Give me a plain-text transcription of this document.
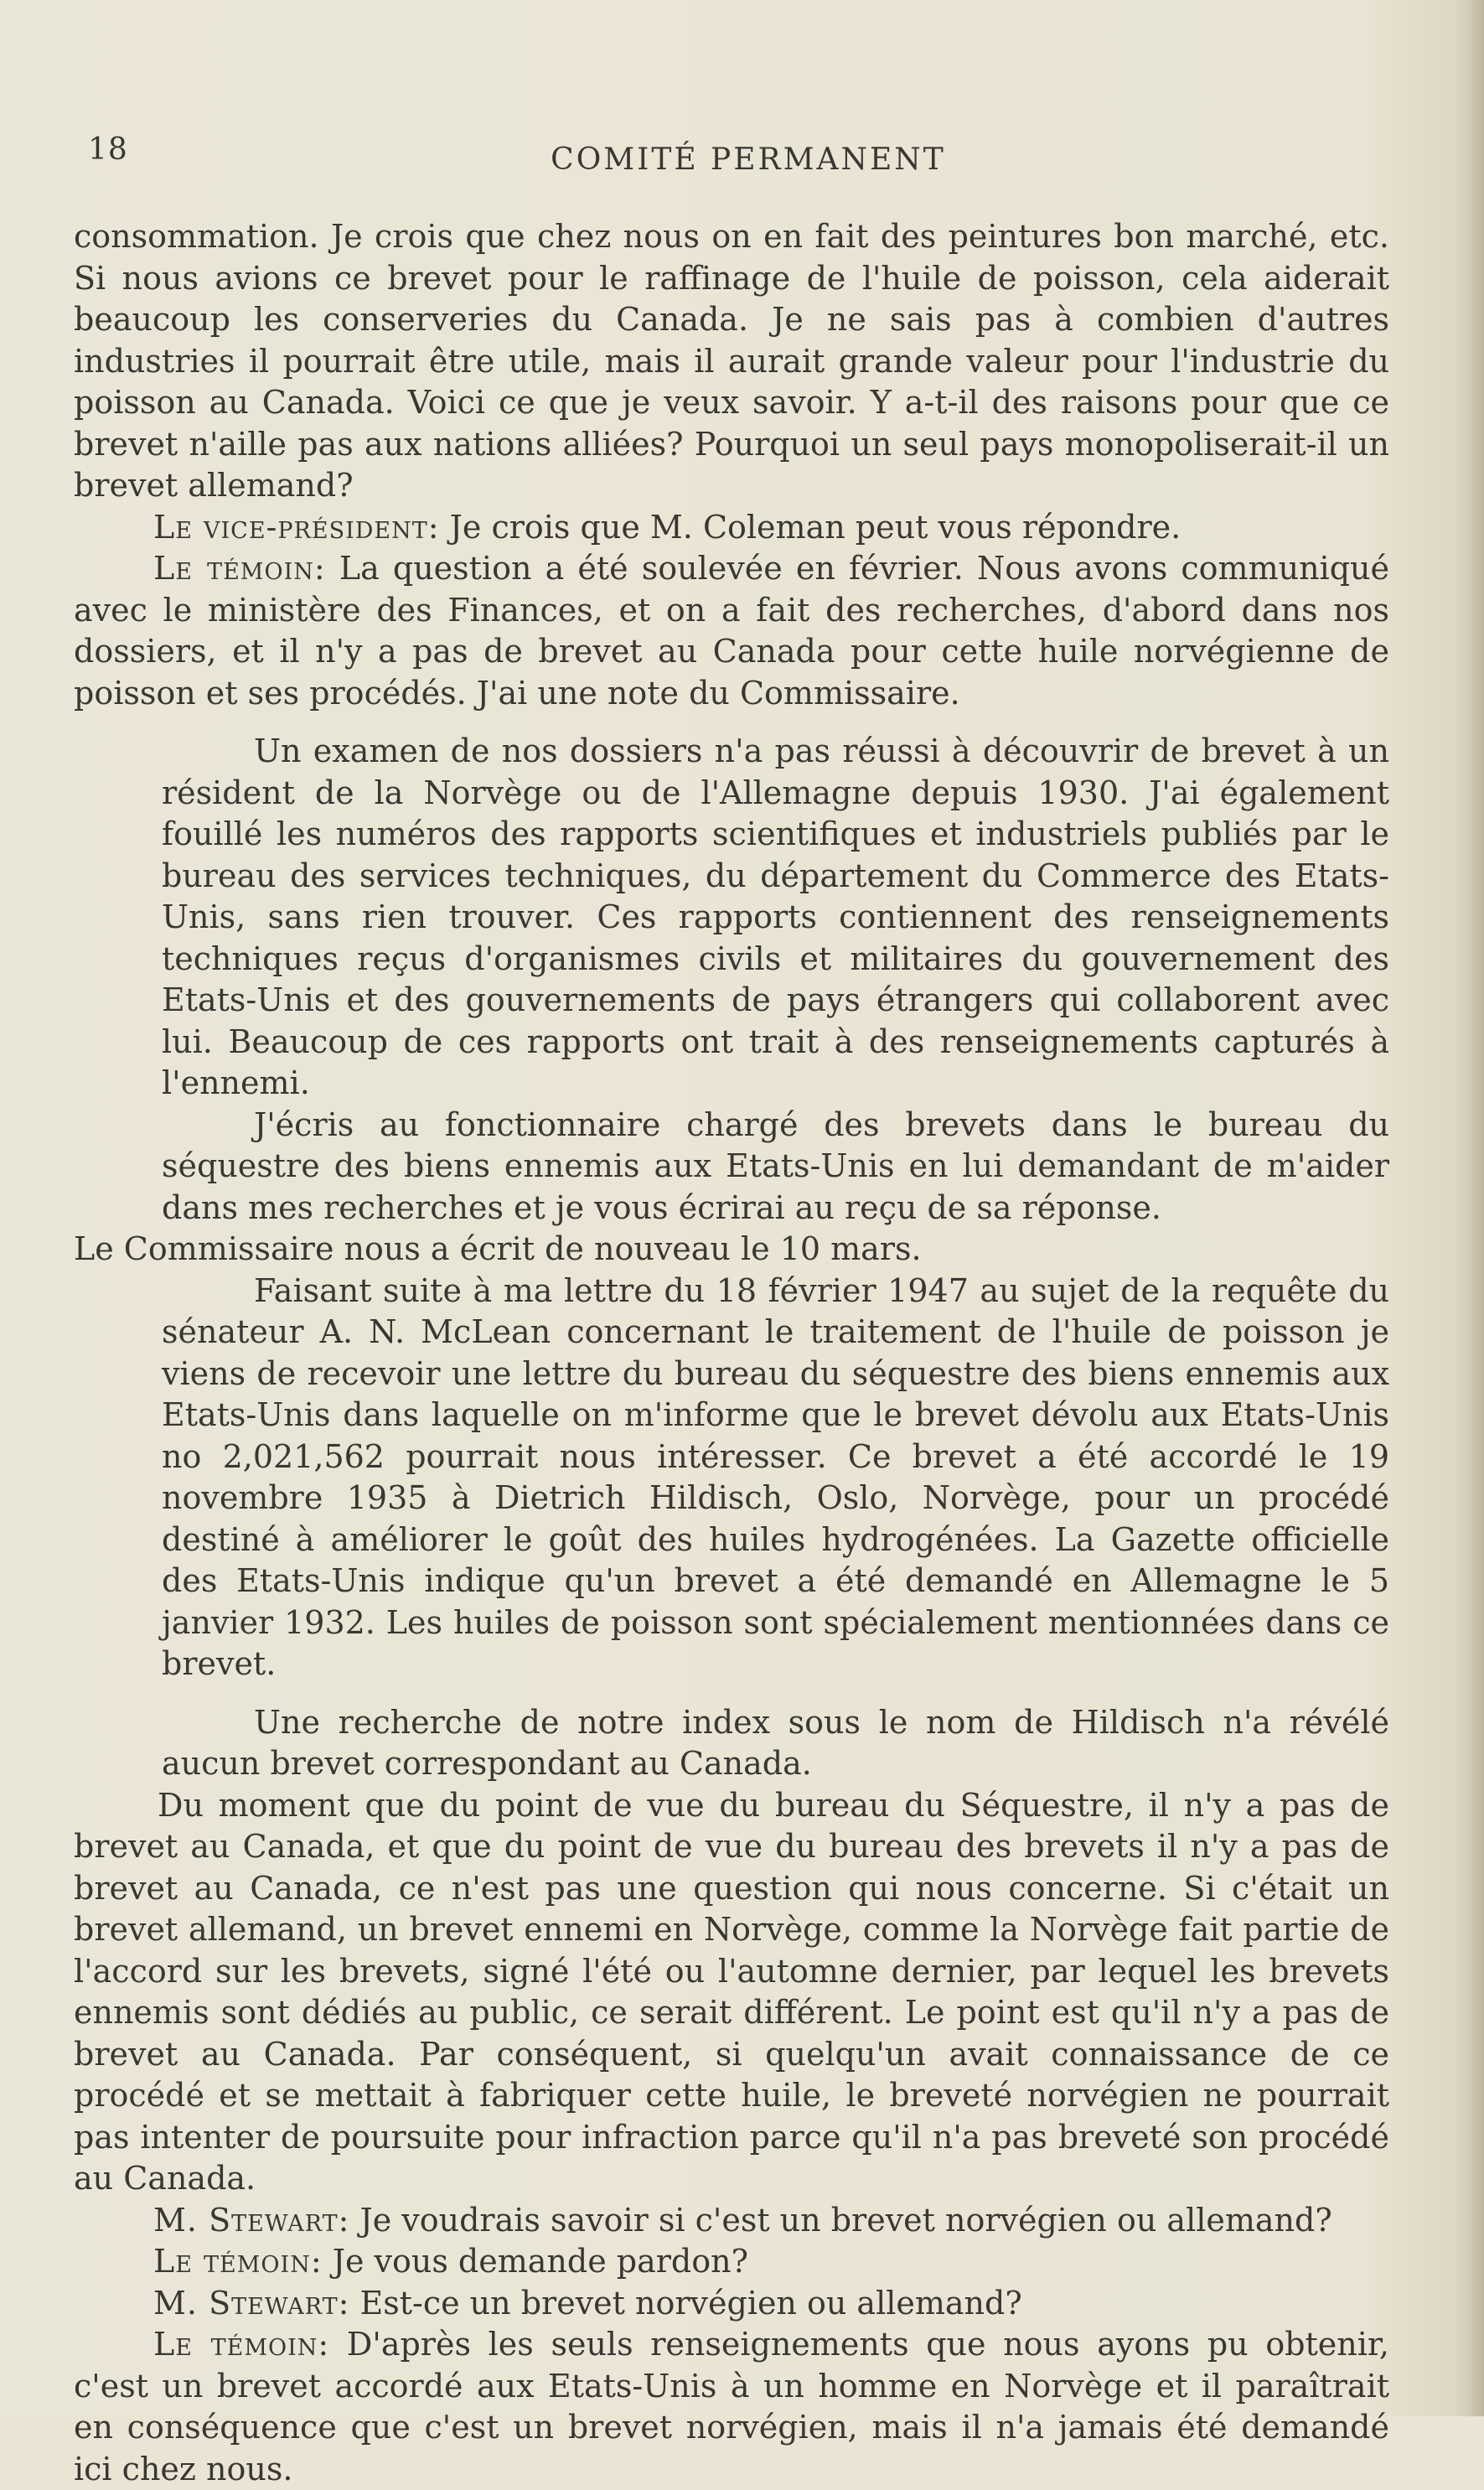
18	COMITÉ PERMANENT

consommation. Je crois que chez nous on en fait des peintures bon marché, etc. Si nous avions ce brevet pour le raffinage de l'huile de poisson, cela aiderait beaucoup les conserveries du Canada. Je ne sais pas à combien d'autres industries il pourrait être utile, mais il aurait grande valeur pour l'industrie du poisson au Canada. Voici ce que je veux savoir. Y a-t-il des raisons pour que ce brevet n'aille pas aux nations alliées? Pourquoi un seul pays monopoliserait-il un brevet allemand?

Le vice-président: Je crois que M. Coleman peut vous répondre.

Le témoin: La question a été soulevée en février. Nous avons communiqué avec le ministère des Finances, et on a fait des recherches, d'abord dans nos dossiers, et il n'y a pas de brevet au Canada pour cette huile norvégienne de poisson et ses procédés. J'ai une note du Commissaire.

Un examen de nos dossiers n'a pas réussi à découvrir de brevet à un résident de la Norvège ou de l'Allemagne depuis 1930. J'ai également fouillé les numéros des rapports scientifiques et industriels publiés par le bureau des services techniques, du département du Commerce des Etats-Unis, sans rien trouver. Ces rapports contiennent des renseignements techniques reçus d'organismes civils et militaires du gouvernement des Etats-Unis et des gouvernements de pays étrangers qui collaborent avec lui. Beaucoup de ces rapports ont trait à des renseignements capturés à l'ennemi.

J'écris au fonctionnaire chargé des brevets dans le bureau du séquestre des biens ennemis aux Etats-Unis en lui demandant de m'aider dans mes recherches et je vous écrirai au reçu de sa réponse.

Le Commissaire nous a écrit de nouveau le 10 mars.

Faisant suite à ma lettre du 18 février 1947 au sujet de la requête du sénateur A. N. McLean concernant le traitement de l'huile de poisson je viens de recevoir une lettre du bureau du séquestre des biens ennemis aux Etats-Unis dans laquelle on m'informe que le brevet dévolu aux Etats-Unis no 2,021,562 pourrait nous intéresser. Ce brevet a été accordé le 19 novembre 1935 à Dietrich Hildisch, Oslo, Norvège, pour un procédé destiné à améliorer le goût des huiles hydrogénées. La Gazette officielle des Etats-Unis indique qu'un brevet a été demandé en Allemagne le 5 janvier 1932. Les huiles de poisson sont spécialement mentionnées dans ce brevet.

Une recherche de notre index sous le nom de Hildisch n'a révélé aucun brevet correspondant au Canada.

Du moment que du point de vue du bureau du Séquestre, il n'y a pas de brevet au Canada, et que du point de vue du bureau des brevets il n'y a pas de brevet au Canada, ce n'est pas une question qui nous concerne. Si c'était un brevet allemand, un brevet ennemi en Norvège, comme la Norvège fait partie de l'accord sur les brevets, signé l'été ou l'automne dernier, par lequel les brevets ennemis sont dédiés au public, ce serait différent. Le point est qu'il n'y a pas de brevet au Canada. Par conséquent, si quelqu'un avait connaissance de ce procédé et se mettait à fabriquer cette huile, le breveté norvégien ne pourrait pas intenter de poursuite pour infraction parce qu'il n'a pas breveté son procédé au Canada.

M. Stewart: Je voudrais savoir si c'est un brevet norvégien ou allemand?

Le témoin: Je vous demande pardon?

M. Stewart: Est-ce un brevet norvégien ou allemand?

Le témoin: D'après les seuls renseignements que nous ayons pu obtenir, c'est un brevet accordé aux Etats-Unis à un homme en Norvège et il paraîtrait en conséquence que c'est un brevet norvégien, mais il n'a jamais été demandé ici chez nous.
